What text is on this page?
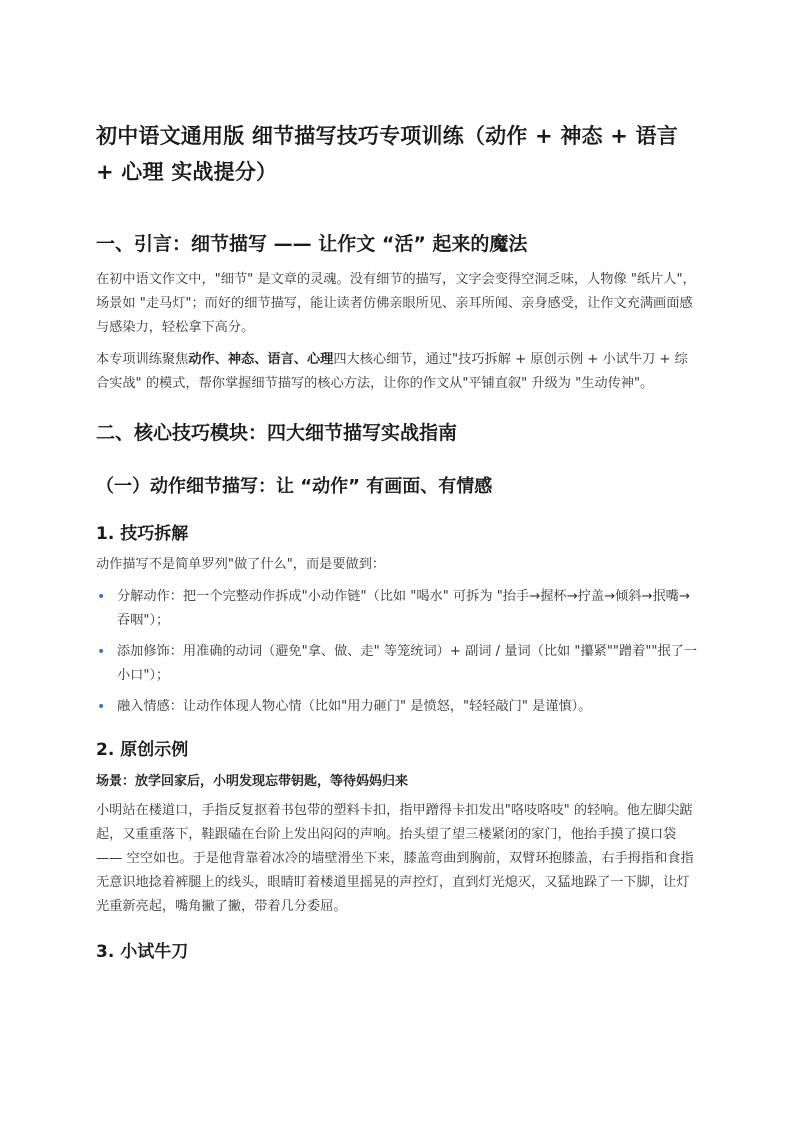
初中语文通用版 细节描写技巧专项训练（动作 + 神态 + 语言 + 心理 实战提分）
一、引言：细节描写 —— 让作文 “活” 起来的魔法

在初中语文作文中，"细节" 是文章的灵魂。没有细节的描写，文字会变得空洞乏味，人物像 "纸片人"，场景如 "走马灯"；而好的细节描写，能让读者仿佛亲眼所见、亲耳所闻、亲身感受，让作文充满画面感与感染力，轻松拿下高分。

本专项训练聚焦动作、神态、语言、心理四大核心细节，通过"技巧拆解 + 原创示例 + 小试牛刀 + 综合实战" 的模式，帮你掌握细节描写的核心方法，让你的作文从"平铺直叙" 升级为 "生动传神"。

二、核心技巧模块：四大细节描写实战指南
（一）动作细节描写：让 “动作” 有画面、有情感
1. 技巧拆解

动作描写不是简单罗列"做了什么"，而是要做到：

• 分解动作：把一个完整动作拆成"小动作链"（比如 "喝水" 可拆为 "抬手→握杯→拧盖→倾斜→抿嘴→吞咽"）；
• 添加修饰：用准确的动词（避免"拿、做、走" 等笼统词）+ 副词 / 量词（比如 "攥紧""蹭着""抿了一小口"）；
• 融入情感：让动作体现人物心情（比如"用力砸门" 是愤怒，"轻轻敲门" 是谨慎）。
2. 原创示例

场景：放学回家后，小明发现忘带钥匙，等待妈妈归来

小明站在楼道口，手指反复抠着书包带的塑料卡扣，指甲蹭得卡扣发出"咯吱咯吱" 的轻响。他左脚尖踮起，又重重落下，鞋跟磕在台阶上发出闷闷的声响。抬头望了望三楼紧闭的家门，他抬手摸了摸口袋 —— 空空如也。于是他背靠着冰冷的墙壁滑坐下来，膝盖弯曲到胸前，双臂环抱膝盖，右手拇指和食指无意识地捻着裤腿上的线头，眼睛盯着楼道里摇晃的声控灯，直到灯光熄灭，又猛地跺了一下脚，让灯光重新亮起，嘴角撇了撇，带着几分委屈。

3. 小试牛刀
